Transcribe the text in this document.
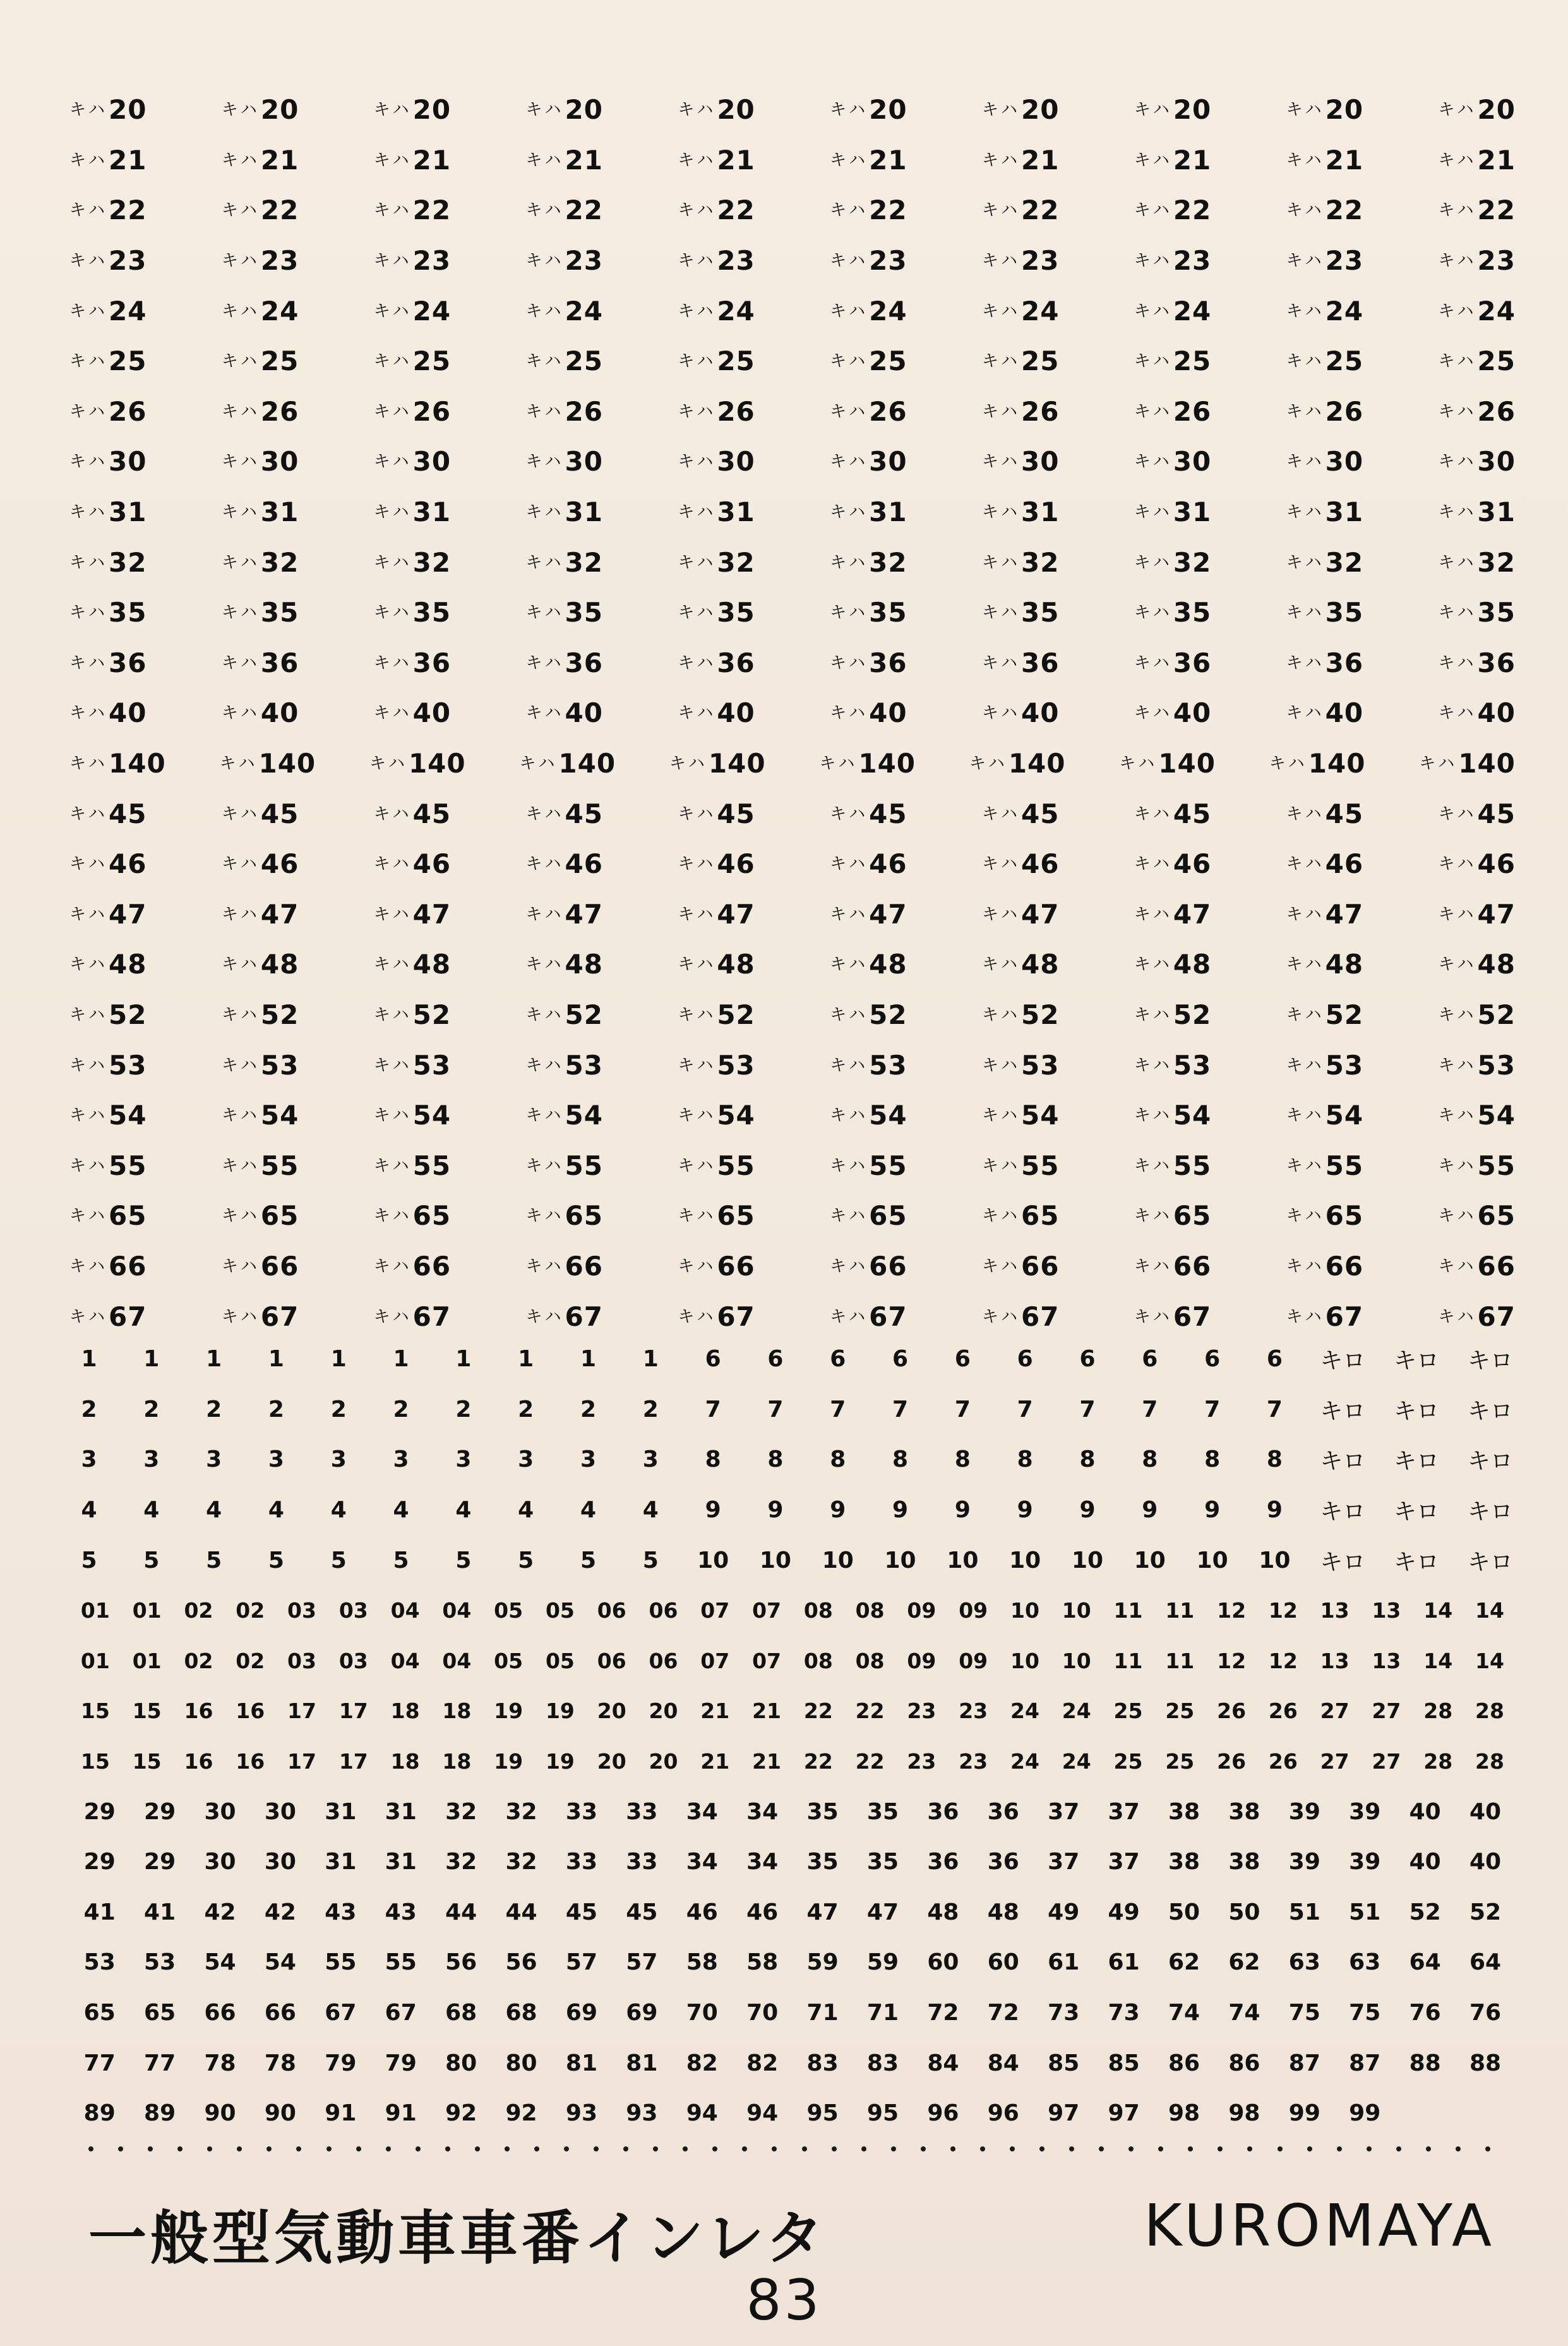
キハ20	キハ20	キハ20	キハ20	キハ20	キハ20	キハ20	キハ20	キハ20	キハ20
キハ21	キハ21	キハ21	キハ21	キハ21	キハ21	キハ21	キハ21	キハ21	キハ21
キハ22	キハ22	キハ22	キハ22	キハ22	キハ22	キハ22	キハ22	キハ22	キハ22
キハ23	キハ23	キハ23	キハ23	キハ23	キハ23	キハ23	キハ23	キハ23	キハ23
キハ24	キハ24	キハ24	キハ24	キハ24	キハ24	キハ24	キハ24	キハ24	キハ24
キハ25	キハ25	キハ25	キハ25	キハ25	キハ25	キハ25	キハ25	キハ25	キハ25
キハ26	キハ26	キハ26	キハ26	キハ26	キハ26	キハ26	キハ26	キハ26	キハ26
キハ30	キハ30	キハ30	キハ30	キハ30	キハ30	キハ30	キハ30	キハ30	キハ30
キハ31	キハ31	キハ31	キハ31	キハ31	キハ31	キハ31	キハ31	キハ31	キハ31
キハ32	キハ32	キハ32	キハ32	キハ32	キハ32	キハ32	キハ32	キハ32	キハ32
キハ35	キハ35	キハ35	キハ35	キハ35	キハ35	キハ35	キハ35	キハ35	キハ35
キハ36	キハ36	キハ36	キハ36	キハ36	キハ36	キハ36	キハ36	キハ36	キハ36
キハ40	キハ40	キハ40	キハ40	キハ40	キハ40	キハ40	キハ40	キハ40	キハ40
キハ140	キハ140	キハ140	キハ140	キハ140	キハ140	キハ140	キハ140	キハ140	キハ140
キハ45	キハ45	キハ45	キハ45	キハ45	キハ45	キハ45	キハ45	キハ45	キハ45
キハ46	キハ46	キハ46	キハ46	キハ46	キハ46	キハ46	キハ46	キハ46	キハ46
キハ47	キハ47	キハ47	キハ47	キハ47	キハ47	キハ47	キハ47	キハ47	キハ47
キハ48	キハ48	キハ48	キハ48	キハ48	キハ48	キハ48	キハ48	キハ48	キハ48
キハ52	キハ52	キハ52	キハ52	キハ52	キハ52	キハ52	キハ52	キハ52	キハ52
キハ53	キハ53	キハ53	キハ53	キハ53	キハ53	キハ53	キハ53	キハ53	キハ53
キハ54	キハ54	キハ54	キハ54	キハ54	キハ54	キハ54	キハ54	キハ54	キハ54
キハ55	キハ55	キハ55	キハ55	キハ55	キハ55	キハ55	キハ55	キハ55	キハ55
キハ65	キハ65	キハ65	キハ65	キハ65	キハ65	キハ65	キハ65	キハ65	キハ65
キハ66	キハ66	キハ66	キハ66	キハ66	キハ66	キハ66	キハ66	キハ66	キハ66
キハ67	キハ67	キハ67	キハ67	キハ67	キハ67	キハ67	キハ67	キハ67	キハ67
1	1	1	1	1	1	1	1	1	1	6	6	6	6	6	6	6	6	6	6	キロ キロ キロ
2	2	2	2	2	2	2	2	2	2	7	7	7	7	7	7	7	7	7	7	キロ キロ キロ
3	3	3	3	3	3	3	3	3	3	8	8	8	8	8	8	8	8	8	8	キロ キロ キロ
4	4	4	4	4	4	4	4	4	4	9	9	9	9	9	9	9	9	9	9	キロ キロ キロ
5	5	5	5	5	5	5	5	5	5	10 10 10 10 10 10 10 10 10 10 キロ キロ キロ
01	01	02	02	03	03	04	04	05	05	06	06	07	07	08	08	09	09	10	10	11	11	12	12	13	13	14	14
01	01	02	02	03	03	04	04	05	05	06	06	07	07	08	08	09	09	10	10	11	11	12	12	13	13	14	14
15	15	16	16	17	17	18	18	19	19	20	20	21	21	22	22	23	23	24	24	25	25	26	26	27	27	28	28
15	15	16	16	17	17	18	18	19	19	20	20	21	21	22	22	23	23	24	24	25	25	26	26	27	27	28	28
29	29	30	30	31	31	32	32	33	33	34	34	35	35	36	36	37	37	38	38	39	39	40	40
29	29	30	30	31	31	32	32	33	33	34	34	35	35	36	36	37	37	38	38	39	39	40	40
41	41	42	42	43	43	44	44	45	45	46	46	47	47	48	48	49	49	50	50	51	51	52	52
53	53	54	54	55	55	56	56	57	57	58	58	59	59	60	60	61	61	62	62	63	63	64	64
65	65	66	66	67	67	68	68	69	69	70	70	71	71	72	72	73	73	74	74	75	75	76	76
77	77	78	78	79	79	80	80	81	81	82	82	83	83	84	84	85	85	86	86	87	87	88	88
89	89	90	90	91	91	92	92	93	93	94	94	95	95	96	96	97	97	98	98	99	99
一般型気動車車番インレタ	KUROMAYA
83
